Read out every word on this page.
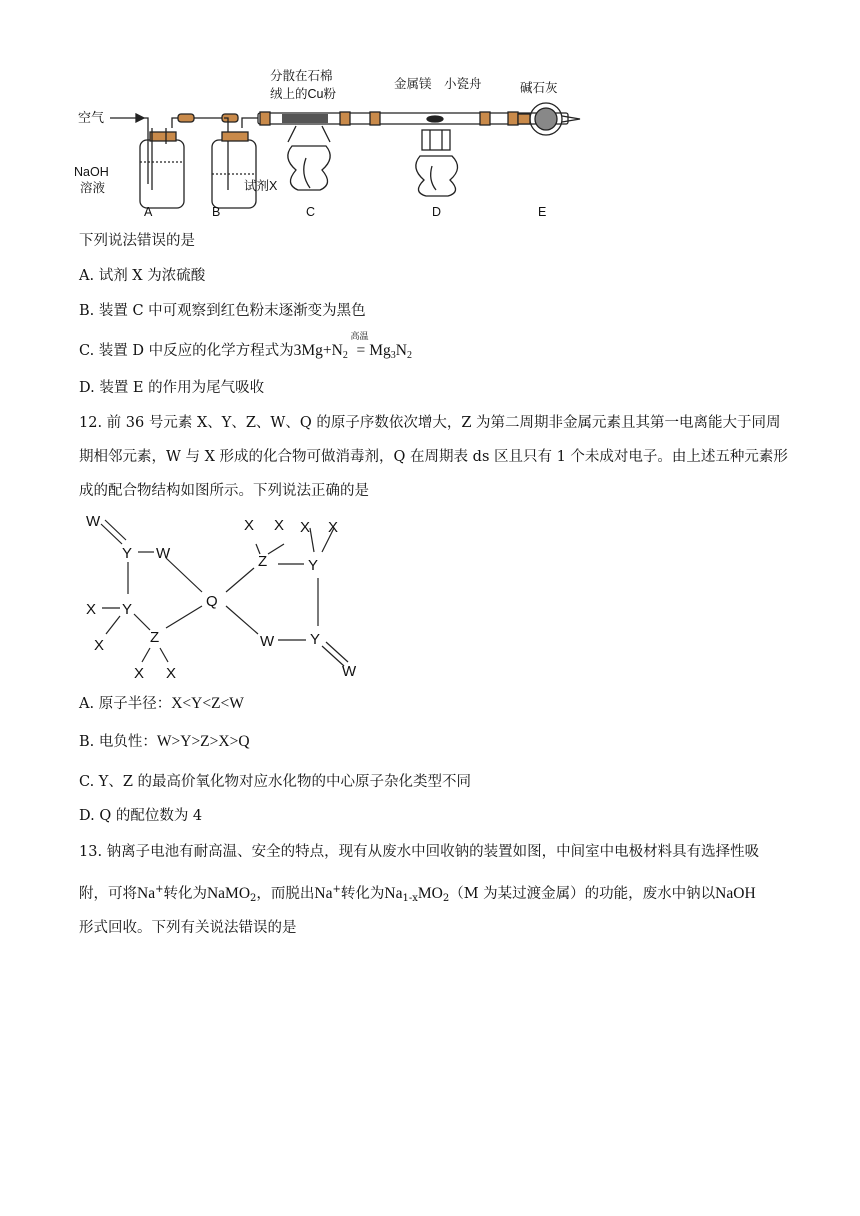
空气
NaOH
溶液	试剂X
分散在石棉
绒上的Cu粉
金属镁 小瓷舟	碱石灰
A	B	C	D	E
下列说法错误的是
A. 试剂 X 为浓硫酸
B. 装置 C 中可观察到红色粉末逐渐变为黑色
C. 装置 D 中反应的化学方程式为$3Mg+N_2$
高温
= $Mg_3N_2$
D. 装置 E 的作用为尾气吸收
12. 前 36 号元素 X、Y、Z、W、Q 的原子序数依次增大，Z 为第二周期非金属元素且其第一电离能大于同周期相邻元素，W 与 X 形成的化合物可做消毒剂，Q 在周期表 ds 区且只有 1 个未成对电子。由上述五种元素形成的配合物结构如图所示。下列说法正确的是
W
Y W
X Y
X	Z
X X
Q
X X X X
Z	Y
W Y
W
A. 原子半径：X<Y<Z<W
B. 电负性：W>Y>Z>X>Q
C. Y、Z 的最高价氧化物对应水化物的中心原子杂化类型不同
D. Q 的配位数为 4
13. 钠离子电池有耐高温、安全的特点，现有从废水中回收钠的装置如图，中间室中电极材料具有选择性吸
附，可将Na+转化为NaMO$_2$，而脱出Na+转化为$Na_{1-x}MO_2(M$ 为某过渡金属）的功能，废水中钠以NaOH
形式回收。下列有关说法错误的是
